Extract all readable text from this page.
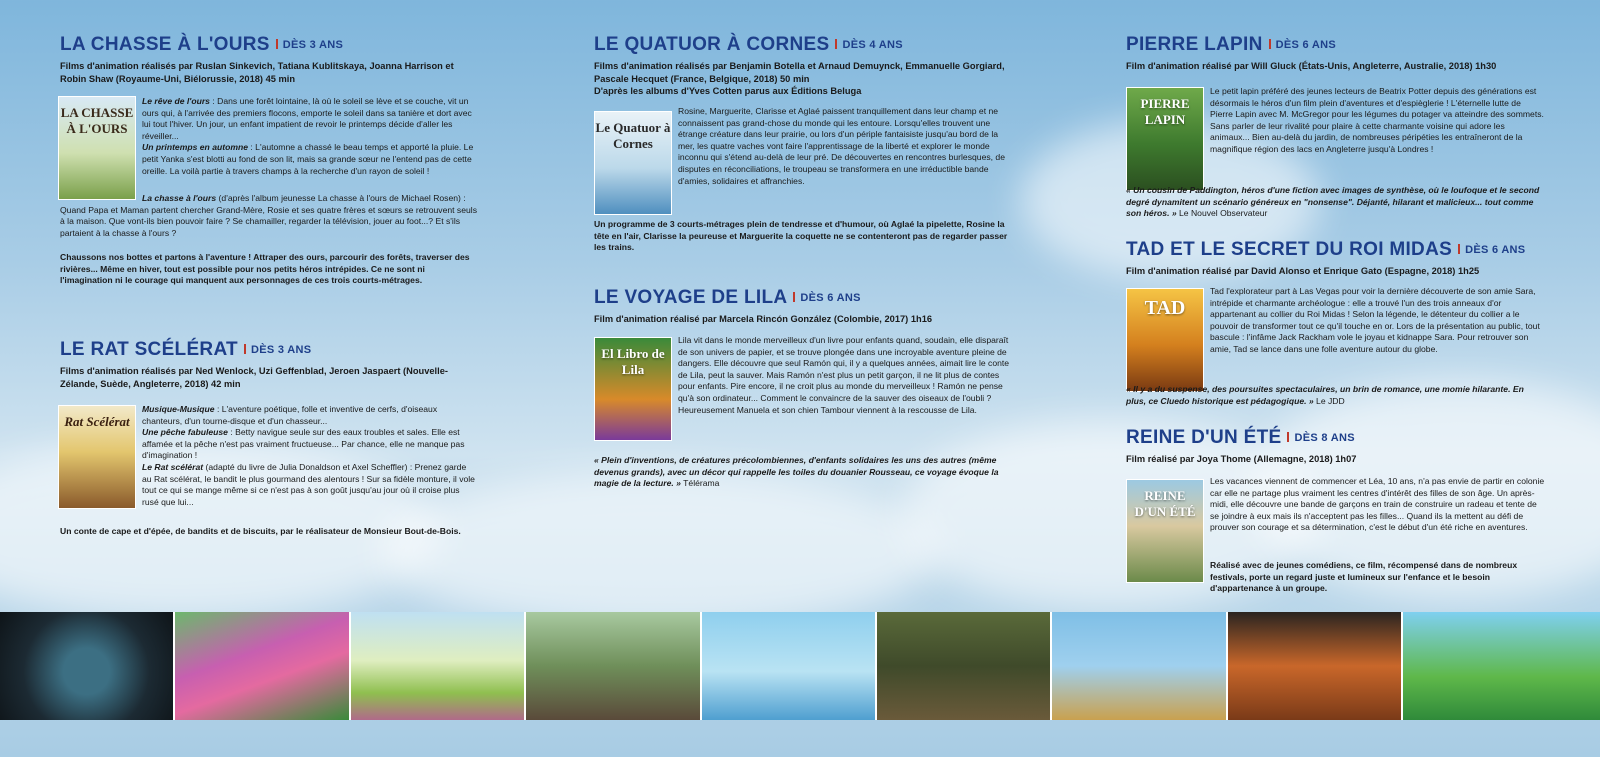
LA CHASSE À L'OURS DÈS 3 ANS
Films d'animation réalisés par Ruslan Sinkevich, Tatiana Kublitskaya, Joanna Harrison et Robin Shaw (Royaume-Uni, Biélorussie, 2018) 45 min
LA CHASSE À L'OURS

Le rêve de l'ours : Dans une forêt lointaine, là où le soleil se lève et se couche, vit un ours qui, à l'arrivée des premiers flocons, emporte le soleil dans sa tanière et dort avec lui tout l'hiver. Un jour, un enfant impatient de revoir le printemps décide d'aller les réveiller...

Un printemps en automne : L'automne a chassé le beau temps et apporté la pluie. Le petit Yanka s'est blotti au fond de son lit, mais sa grande sœur ne l'entend pas de cette oreille. La voilà partie à travers champs à la recherche d'un rayon de soleil !

La chasse à l'ours (d'après l'album jeunesse La chasse à l'ours de Michael Rosen) : Quand Papa et Maman partent chercher Grand-Mère, Rosie et ses quatre frères et sœurs se retrouvent seuls à la maison. Que vont-ils bien pouvoir faire ? Se chamailler, regarder la télévision, jouer au foot...? Et s'ils partaient à la chasse à l'ours ?

Chaussons nos bottes et partons à l'aventure ! Attraper des ours, parcourir des forêts, traverser des rivières... Même en hiver, tout est possible pour nos petits héros intrépides. Ce ne sont ni l'imagination ni le courage qui manquent aux personnages de ces trois courts-métrages.
LE RAT SCÉLÉRAT DÈS 3 ANS
Films d'animation réalisés par Ned Wenlock, Uzi Geffenblad, Jeroen Jaspaert (Nouvelle-Zélande, Suède, Angleterre, 2018) 42 min
Rat Scélérat

Musique-Musique : L'aventure poétique, folle et inventive de cerfs, d'oiseaux chanteurs, d'un tourne-disque et d'un chasseur...

Une pêche fabuleuse : Betty navigue seule sur des eaux troubles et sales. Elle est affamée et la pêche n'est pas vraiment fructueuse... Par chance, elle ne manque pas d'imagination !

Le Rat scélérat (adapté du livre de Julia Donaldson et Axel Scheffler) : Prenez garde au Rat scélérat, le bandit le plus gourmand des alentours ! Sur sa fidèle monture, il vole tout ce qui se mange même si ce n'est pas à son goût jusqu'au jour où il croise plus rusé que lui...

Un conte de cape et d'épée, de bandits et de biscuits, par le réalisateur de Monsieur Bout-de-Bois.
LE QUATUOR À CORNES DÈS 4 ANS
Films d'animation réalisés par Benjamin Botella et Arnaud Demuynck, Emmanuelle Gorgiard, Pascale Hecquet (France, Belgique, 2018) 50 min
D'après les albums d'Yves Cotten parus aux Éditions Beluga
Le Quatuor à Cornes
Rosine, Marguerite, Clarisse et Aglaé paissent tranquillement dans leur champ et ne connaissent pas grand-chose du monde qui les entoure. Lorsqu'elles trouvent une étrange créature dans leur prairie, ou lors d'un périple fantaisiste jusqu'au bord de la mer, les quatre vaches vont faire l'apprentissage de la liberté et explorer le monde inconnu qui s'étend au-delà de leur pré. De découvertes en rencontres burlesques, de disputes en réconciliations, le troupeau se transformera en une irréductible bande d'amies, solidaires et affranchies.
Un programme de 3 courts-métrages plein de tendresse et d'humour, où Aglaé la pipelette, Rosine la tête en l'air, Clarisse la peureuse et Marguerite la coquette ne se contenteront pas de regarder passer les trains.
LE VOYAGE DE LILA DÈS 6 ANS
Film d'animation réalisé par Marcela Rincón González (Colombie, 2017) 1h16
El Libro de Lila
Lila vit dans le monde merveilleux d'un livre pour enfants quand, soudain, elle disparaît de son univers de papier, et se trouve plongée dans une incroyable aventure pleine de dangers. Elle découvre que seul Ramón qui, il y a quelques années, aimait lire le conte de Lila, peut la sauver. Mais Ramón n'est plus un petit garçon, il ne lit plus de contes pour enfants. Pire encore, il ne croit plus au monde du merveilleux ! Ramón ne pense qu'à son ordinateur... Comment le convaincre de la sauver des oiseaux de l'oubli ? Heureusement Manuela et son chien Tambour viennent à la rescousse de Lila.
« Plein d'inventions, de créatures précolombiennes, d'enfants solidaires les uns des autres (même devenus grands), avec un décor qui rappelle les toiles du douanier Rousseau, ce voyage évoque la magie de la lecture. » Télérama
PIERRE LAPIN DÈS 6 ANS
Film d'animation réalisé par Will Gluck (États-Unis, Angleterre, Australie, 2018) 1h30
PIERRE LAPIN
Le petit lapin préféré des jeunes lecteurs de Beatrix Potter depuis des générations est désormais le héros d'un film plein d'aventures et d'espièglerie ! L'éternelle lutte de Pierre Lapin avec M. McGregor pour les légumes du potager va atteindre des sommets. Sans parler de leur rivalité pour plaire à cette charmante voisine qui adore les animaux... Bien au-delà du jardin, de nombreuses péripéties les entraîneront de la magnifique région des lacs en Angleterre jusqu'à Londres !
« Un cousin de Paddington, héros d'une fiction avec images de synthèse, où le loufoque et le second degré dynamitent un scénario généreux en "nonsense". Déjanté, hilarant et malicieux... tout comme son héros. » Le Nouvel Observateur
TAD ET LE SECRET DU ROI MIDAS DÈS 6 ANS
Film d'animation réalisé par David Alonso et Enrique Gato (Espagne, 2018) 1h25
TAD
Tad l'explorateur part à Las Vegas pour voir la dernière découverte de son amie Sara, intrépide et charmante archéologue : elle a trouvé l'un des trois anneaux d'or appartenant au collier du Roi Midas ! Selon la légende, le détenteur du collier a le pouvoir de transformer tout ce qu'il touche en or. Lors de la présentation au public, tout bascule : l'infâme Jack Rackham vole le joyau et kidnappe Sara. Pour retrouver son amie, Tad se lance dans une folle aventure autour du globe.
« Il y a du suspense, des poursuites spectaculaires, un brin de romance, une momie hilarante. En plus, ce Cluedo historique est pédagogique. » Le JDD
REINE D'UN ÉTÉ DÈS 8 ANS
Film réalisé par Joya Thome (Allemagne, 2018) 1h07
REINE D'UN ÉTÉ
Les vacances viennent de commencer et Léa, 10 ans, n'a pas envie de partir en colonie car elle ne partage plus vraiment les centres d'intérêt des filles de son âge. Un après-midi, elle découvre une bande de garçons en train de construire un radeau et tente de se joindre à eux mais ils n'acceptent pas les filles... Quand ils la mettent au défi de prouver son courage et sa détermination, c'est le début d'un été riche en aventures.
Réalisé avec de jeunes comédiens, ce film, récompensé dans de nombreux festivals, porte un regard juste et lumineux sur l'enfance et le besoin d'appartenance à un groupe.
